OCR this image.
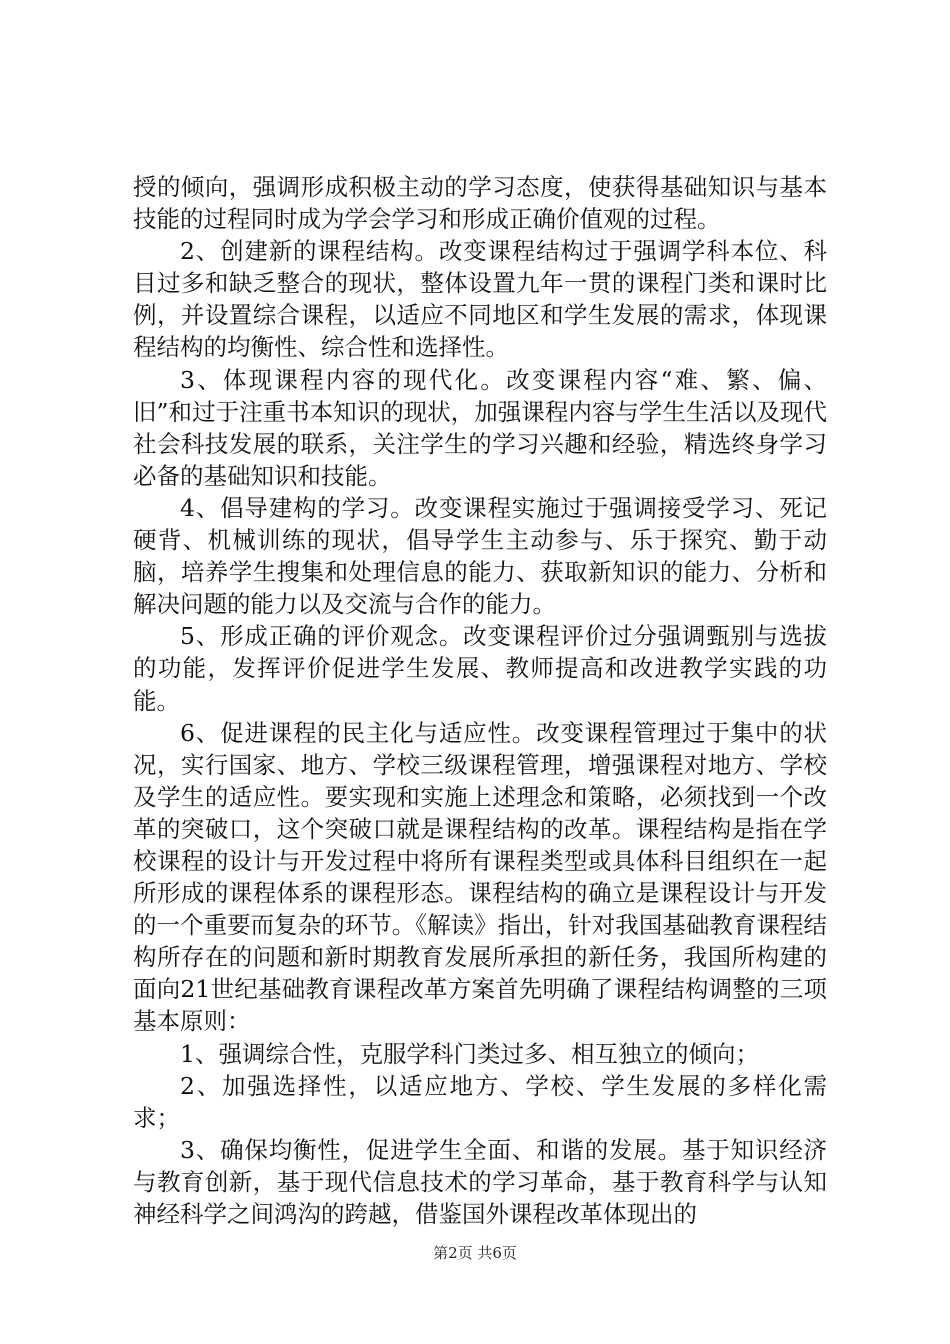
授的倾向，强调形成积极主动的学习态度，使获得基础知识与基本技能的过程同时成为学会学习和形成正确价值观的过程。

2、创建新的课程结构。改变课程结构过于强调学科本位、科目过多和缺乏整合的现状，整体设置九年一贯的课程门类和课时比例，并设置综合课程，以适应不同地区和学生发展的需求，体现课程结构的均衡性、综合性和选择性。

3、体现课程内容的现代化。改变课程内容“难、繁、偏、旧”和过于注重书本知识的现状，加强课程内容与学生生活以及现代社会科技发展的联系，关注学生的学习兴趣和经验，精选终身学习必备的基础知识和技能。

4、倡导建构的学习。改变课程实施过于强调接受学习、死记硬背、机械训练的现状，倡导学生主动参与、乐于探究、勤于动脑，培养学生搜集和处理信息的能力、获取新知识的能力、分析和解决问题的能力以及交流与合作的能力。

5、形成正确的评价观念。改变课程评价过分强调甄别与选拔的功能，发挥评价促进学生发展、教师提高和改进教学实践的功能。

6、促进课程的民主化与适应性。改变课程管理过于集中的状况，实行国家、地方、学校三级课程管理，增强课程对地方、学校及学生的适应性。要实现和实施上述理念和策略，必须找到一个改革的突破口，这个突破口就是课程结构的改革。课程结构是指在学校课程的设计与开发过程中将所有课程类型或具体科目组织在一起所形成的课程体系的课程形态。课程结构的确立是课程设计与开发的一个重要而复杂的环节。《解读》指出，针对我国基础教育课程结构所存在的问题和新时期教育发展所承担的新任务，我国所构建的面向21世纪基础教育课程改革方案首先明确了课程结构调整的三项基本原则：

1、强调综合性，克服学科门类过多、相互独立的倾向；

2、加强选择性，以适应地方、学校、学生发展的多样化需求；

3、确保均衡性，促进学生全面、和谐的发展。基于知识经济与教育创新，基于现代信息技术的学习革命，基于教育科学与认知神经科学之间鸿沟的跨越，借鉴国外课程改革体现出的

第2页 共6页
